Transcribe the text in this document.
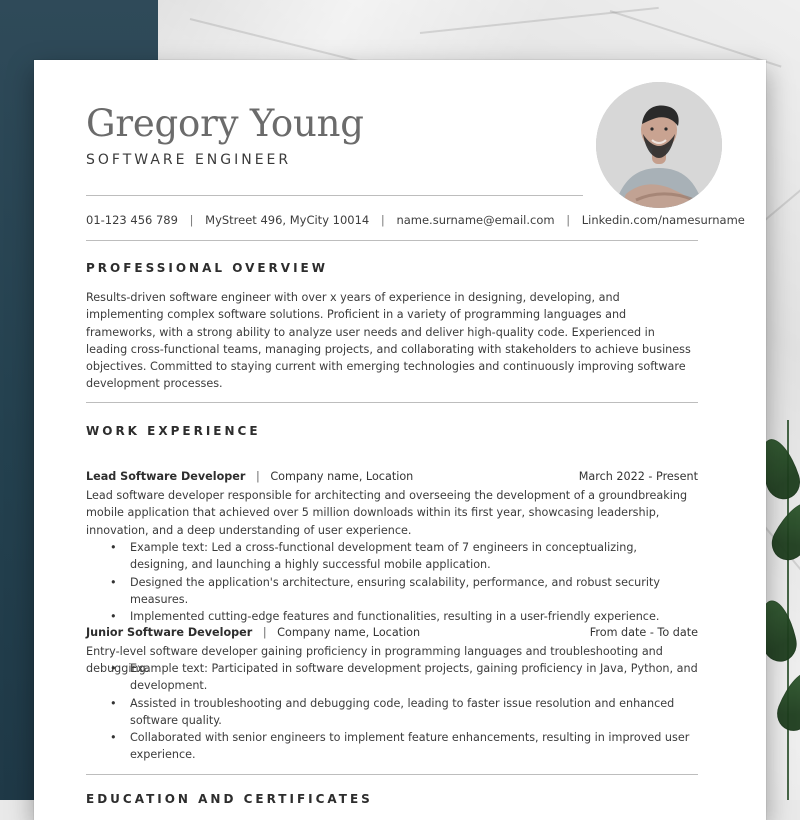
Gregory Young
SOFTWARE ENGINEER
01-123 456 789 | MyStreet 496, MyCity 10014 | name.surname@email.com | Linkedin.com/namesurname
PROFESSIONAL OVERVIEW
Results-driven software engineer with over x years of experience in designing, developing, and implementing complex software solutions. Proficient in a variety of programming languages and frameworks, with a strong ability to analyze user needs and deliver high-quality code. Experienced in leading cross-functional teams, managing projects, and collaborating with stakeholders to achieve business objectives. Committed to staying current with emerging technologies and continuously improving software development processes.
WORK EXPERIENCE
Lead Software Developer | Company name, Location	March 2022 - Present
Lead software developer responsible for architecting and overseeing the development of a groundbreaking mobile application that achieved over 5 million downloads within its first year, showcasing leadership, innovation, and a deep understanding of user experience.
• Example text: Led a cross-functional development team of 7 engineers in conceptualizing, designing, and launching a highly successful mobile application.
• Designed the application's architecture, ensuring scalability, performance, and robust security measures.
• Implemented cutting-edge features and functionalities, resulting in a user-friendly experience.
Junior Software Developer | Company name, Location	From date - To date
Entry-level software developer gaining proficiency in programming languages and troubleshooting and debugging.
• Example text: Participated in software development projects, gaining proficiency in Java, Python, and development.
• Assisted in troubleshooting and debugging code, leading to faster issue resolution and enhanced software quality.
• Collaborated with senior engineers to implement feature enhancements, resulting in improved user experience.
EDUCATION AND CERTIFICATES
